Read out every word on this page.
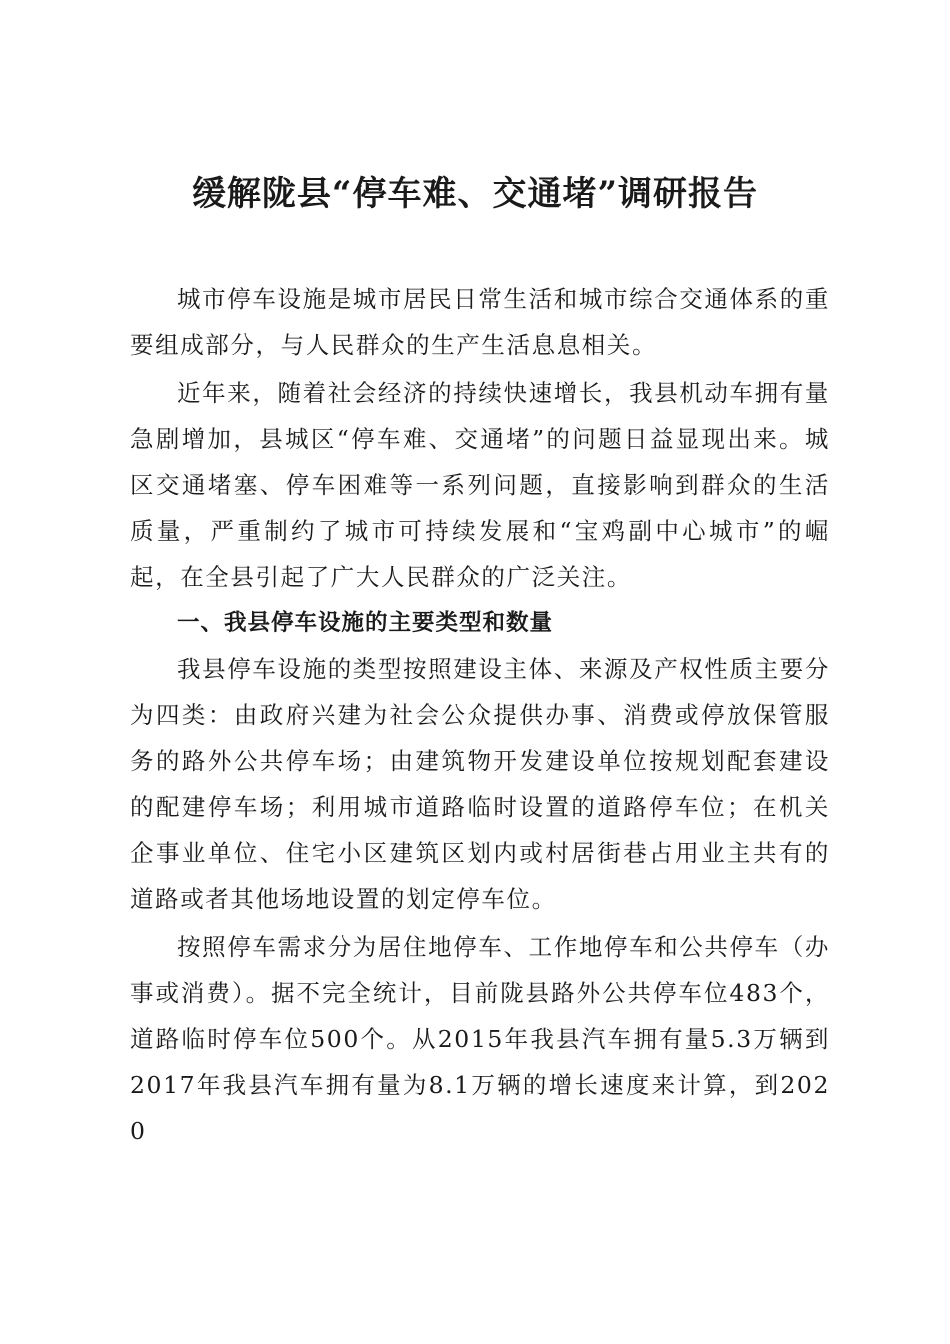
缓解陇县“停车难、交通堵”调研报告

城市停车设施是城市居民日常生活和城市综合交通体系的重要组成部分，与人民群众的生产生活息息相关。

近年来，随着社会经济的持续快速增长，我县机动车拥有量急剧增加，县城区“停车难、交通堵”的问题日益显现出来。城区交通堵塞、停车困难等一系列问题，直接影响到群众的生活质量，严重制约了城市可持续发展和“宝鸡副中心城市”的崛起，在全县引起了广大人民群众的广泛关注。

一、我县停车设施的主要类型和数量

我县停车设施的类型按照建设主体、来源及产权性质主要分为四类：由政府兴建为社会公众提供办事、消费或停放保管服务的路外公共停车场；由建筑物开发建设单位按规划配套建设的配建停车场；利用城市道路临时设置的道路停车位；在机关企事业单位、住宅小区建筑区划内或村居街巷占用业主共有的道路或者其他场地设置的划定停车位。

按照停车需求分为居住地停车、工作地停车和公共停车（办事或消费）。据不完全统计，目前陇县路外公共停车位483个，道路临时停车位500个。从2015年我县汽车拥有量5.3万辆到2017年我县汽车拥有量为8.1万辆的增长速度来计算，到2020
